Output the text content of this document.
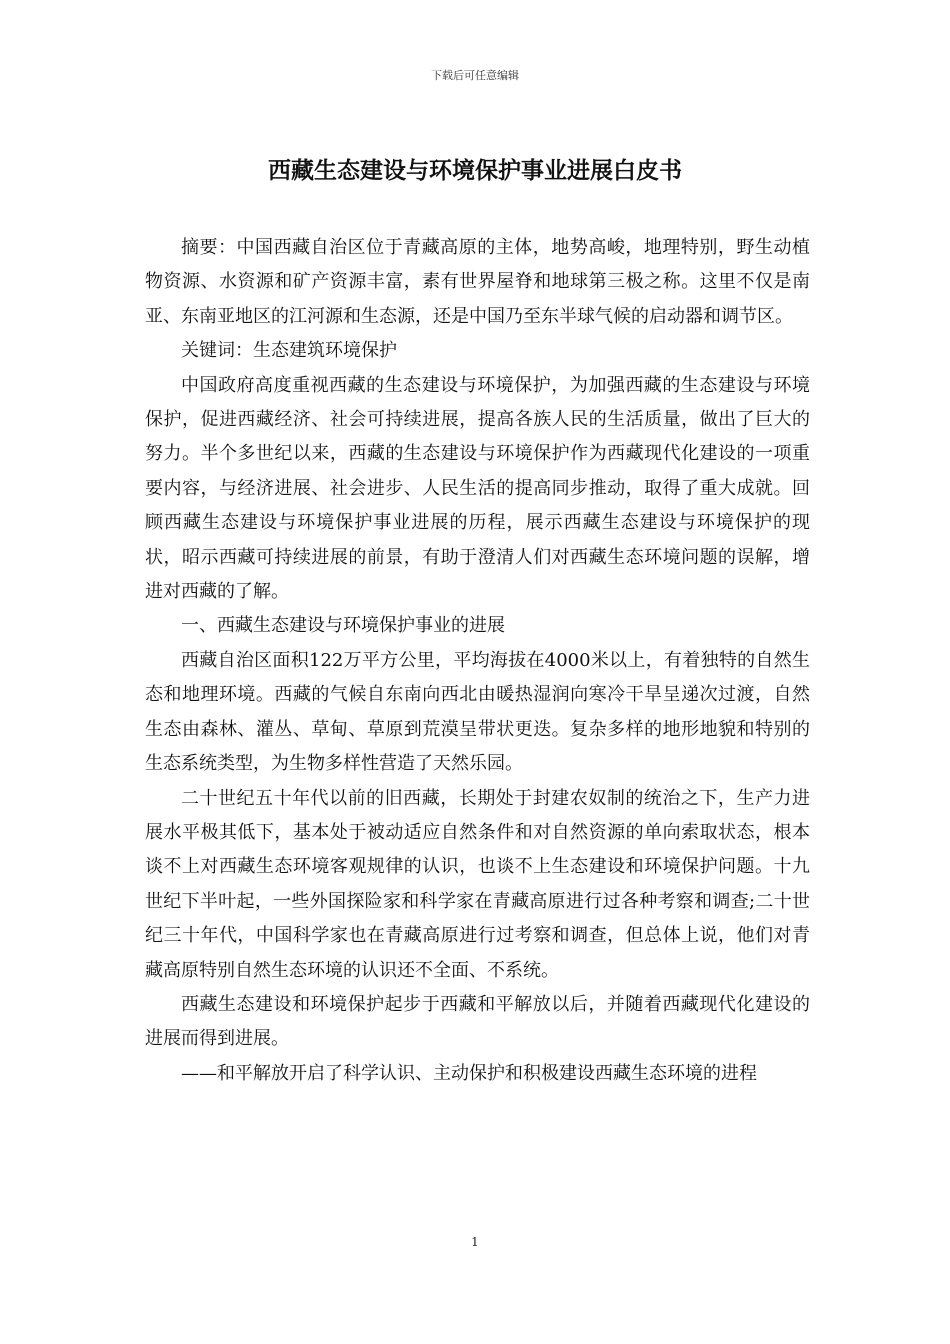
下载后可任意编辑
西藏生态建设与环境保护事业进展白皮书

摘要：中国西藏自治区位于青藏高原的主体，地势高峻，地理特别，野生动植物资源、水资源和矿产资源丰富，素有世界屋脊和地球第三极之称。这里不仅是南亚、东南亚地区的江河源和生态源，还是中国乃至东半球气候的启动器和调节区。

关键词：生态建筑环境保护

中国政府高度重视西藏的生态建设与环境保护，为加强西藏的生态建设与环境保护，促进西藏经济、社会可持续进展，提高各族人民的生活质量，做出了巨大的努力。半个多世纪以来，西藏的生态建设与环境保护作为西藏现代化建设的一项重要内容，与经济进展、社会进步、人民生活的提高同步推动，取得了重大成就。回顾西藏生态建设与环境保护事业进展的历程，展示西藏生态建设与环境保护的现状，昭示西藏可持续进展的前景，有助于澄清人们对西藏生态环境问题的误解，增进对西藏的了解。

一、西藏生态建设与环境保护事业的进展

西藏自治区面积122万平方公里，平均海拔在4000米以上，有着独特的自然生态和地理环境。西藏的气候自东南向西北由暖热湿润向寒冷干旱呈递次过渡，自然生态由森林、灌丛、草甸、草原到荒漠呈带状更迭。复杂多样的地形地貌和特别的生态系统类型，为生物多样性营造了天然乐园。

二十世纪五十年代以前的旧西藏，长期处于封建农奴制的统治之下，生产力进展水平极其低下，基本处于被动适应自然条件和对自然资源的单向索取状态，根本谈不上对西藏生态环境客观规律的认识，也谈不上生态建设和环境保护问题。十九世纪下半叶起，一些外国探险家和科学家在青藏高原进行过各种考察和调查;二十世纪三十年代，中国科学家也在青藏高原进行过考察和调查，但总体上说，他们对青藏高原特别自然生态环境的认识还不全面、不系统。

西藏生态建设和环境保护起步于西藏和平解放以后，并随着西藏现代化建设的进展而得到进展。

——和平解放开启了科学认识、主动保护和积极建设西藏生态环境的进程

1
